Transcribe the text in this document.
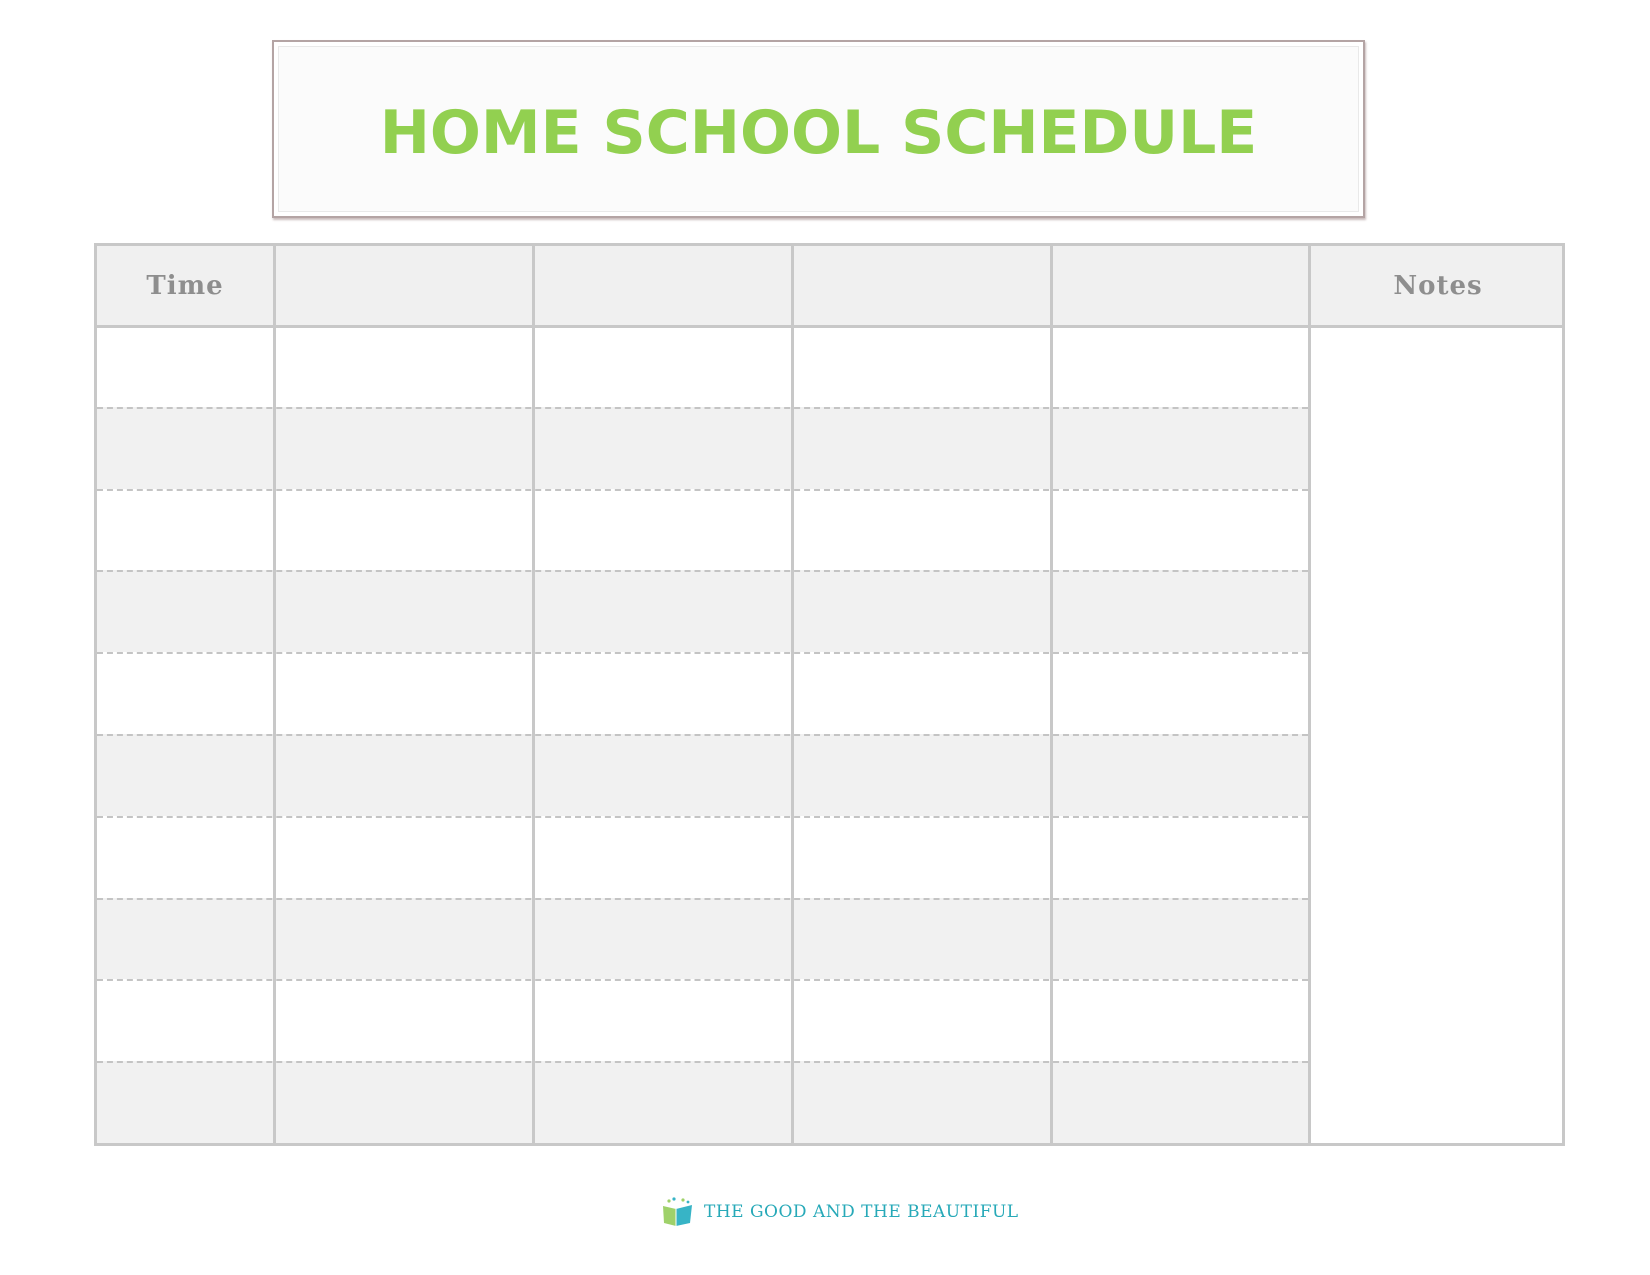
HOME SCHOOL SCHEDULE
Time	Notes
THE GOOD AND THE BEAUTIFUL
